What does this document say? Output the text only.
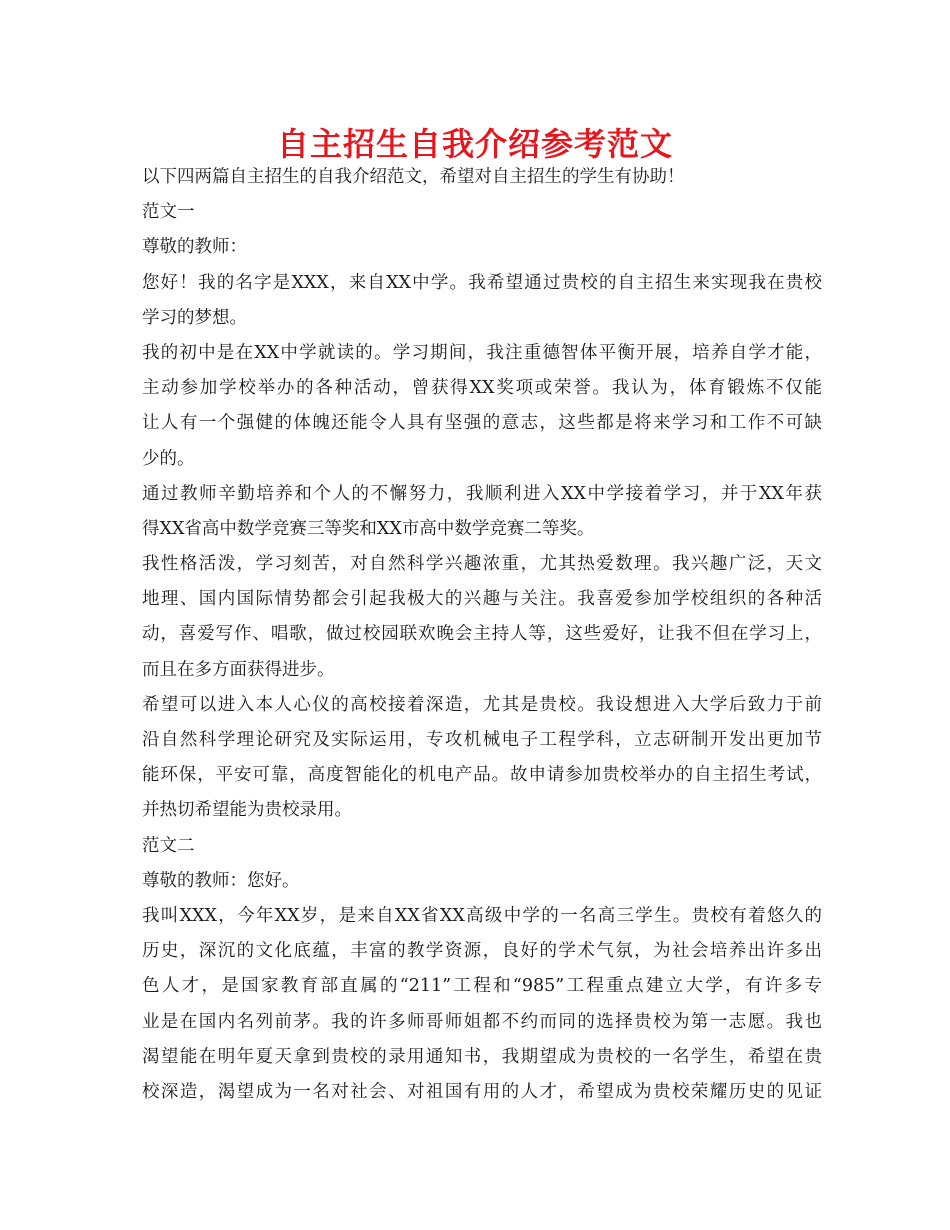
自主招生自我介绍参考范文
以下四两篇自主招生的自我介绍范文，希望对自主招生的学生有协助！
范文一
尊敬的教师：
您好！我的名字是XXX，来自XX中学。我希望通过贵校的自主招生来实现我在贵校
学习的梦想。
我的初中是在XX中学就读的。学习期间，我注重德智体平衡开展，培养自学才能，
主动参加学校举办的各种活动，曾获得XX奖项或荣誉。我认为，体育锻炼不仅能
让人有一个强健的体魄还能令人具有坚强的意志，这些都是将来学习和工作不可缺
少的。
通过教师辛勤培养和个人的不懈努力，我顺利进入XX中学接着学习，并于XX年获
得XX省高中数学竞赛三等奖和XX市高中数学竞赛二等奖。
我性格活泼，学习刻苦，对自然科学兴趣浓重，尤其热爱数理。我兴趣广泛，天文
地理、国内国际情势都会引起我极大的兴趣与关注。我喜爱参加学校组织的各种活
动，喜爱写作、唱歌，做过校园联欢晚会主持人等，这些爱好，让我不但在学习上，
而且在多方面获得进步。
希望可以进入本人心仪的高校接着深造，尤其是贵校。我设想进入大学后致力于前
沿自然科学理论研究及实际运用，专攻机械电子工程学科，立志研制开发出更加节
能环保，平安可靠，高度智能化的机电产品。故申请参加贵校举办的自主招生考试，
并热切希望能为贵校录用。
范文二
尊敬的教师：您好。
我叫XXX，今年XX岁，是来自XX省XX高级中学的一名高三学生。贵校有着悠久的
历史，深沉的文化底蕴，丰富的教学资源，良好的学术气氛，为社会培养出许多出
色人才，是国家教育部直属的“211”工程和“985”工程重点建立大学，有许多专
业是在国内名列前茅。我的许多师哥师姐都不约而同的选择贵校为第一志愿。我也
渴望能在明年夏天拿到贵校的录用通知书，我期望成为贵校的一名学生，希望在贵
校深造，渴望成为一名对社会、对祖国有用的人才，希望成为贵校荣耀历史的见证
